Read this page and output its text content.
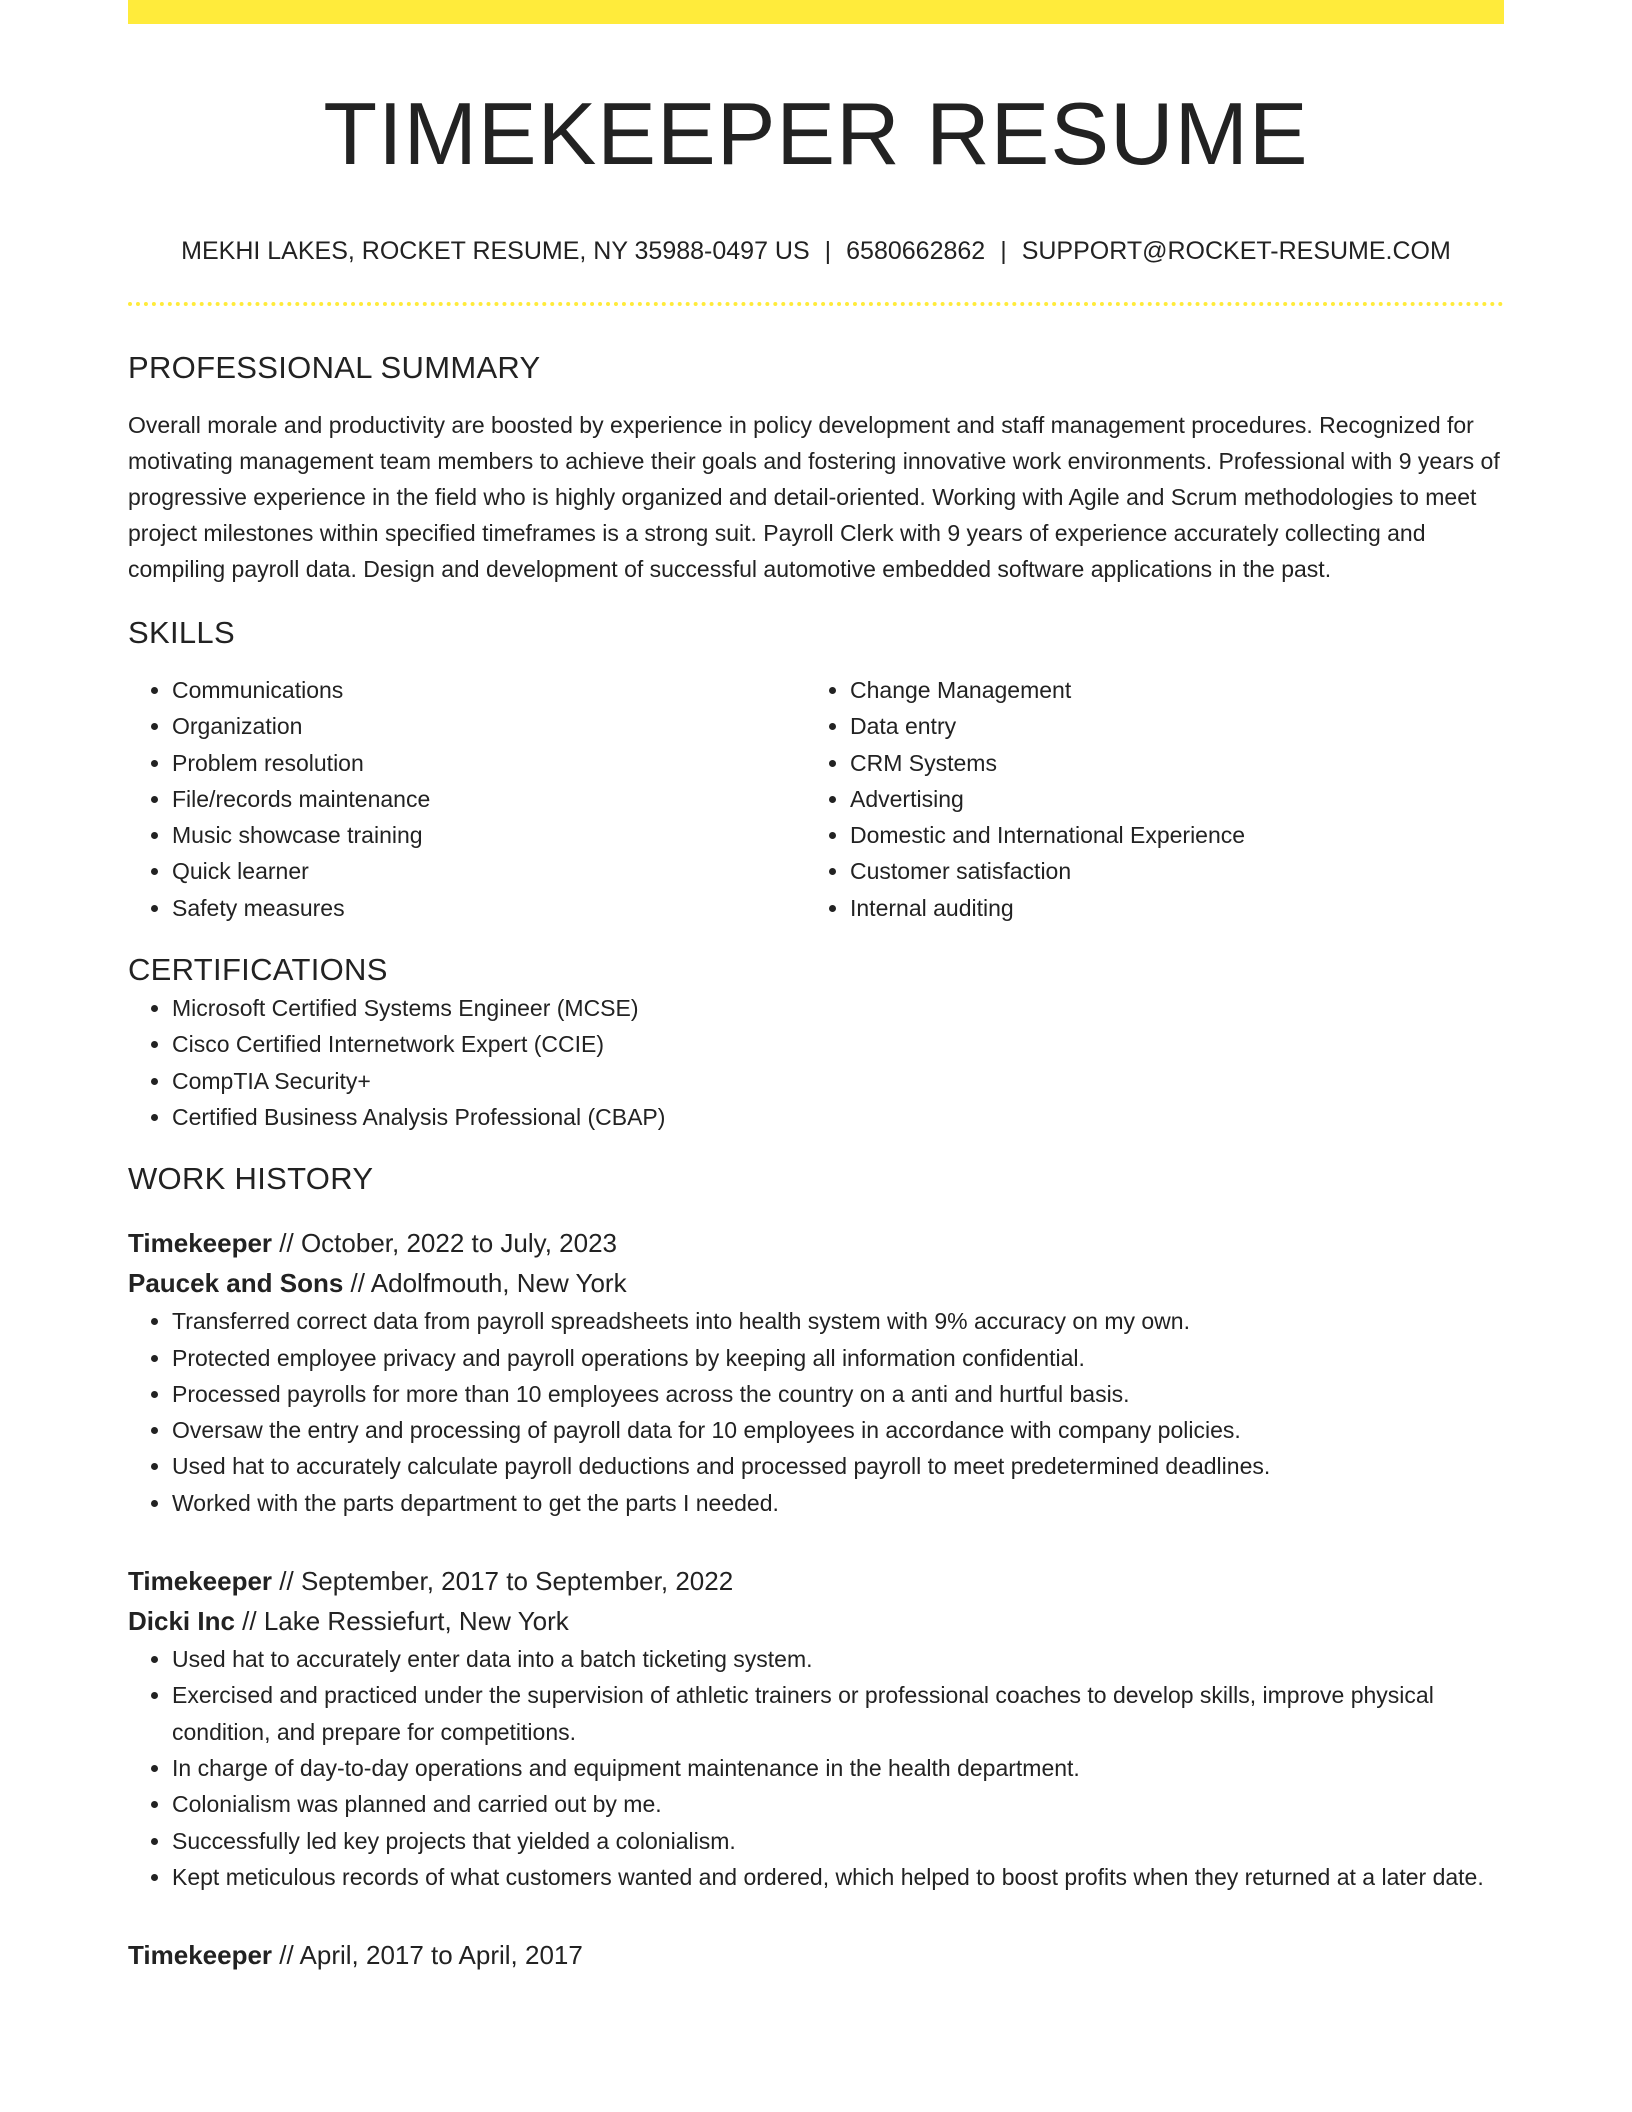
TIMEKEEPER RESUME
MEKHI LAKES, ROCKET RESUME, NY 35988-0497 US | 6580662862 | SUPPORT@ROCKET-RESUME.COM
PROFESSIONAL SUMMARY

Overall morale and productivity are boosted by experience in policy development and staff management procedures. Recognized for motivating management team members to achieve their goals and fostering innovative work environments. Professional with 9 years of progressive experience in the field who is highly organized and detail-oriented. Working with Agile and Scrum methodologies to meet project milestones within specified timeframes is a strong suit. Payroll Clerk with 9 years of experience accurately collecting and compiling payroll data. Design and development of successful automotive embedded software applications in the past.

SKILLS
• Communications
• Organization
• Problem resolution
• File/records maintenance
• Music showcase training
• Quick learner
• Safety measures
• Change Management
• Data entry
• CRM Systems
• Advertising
• Domestic and International Experience
• Customer satisfaction
• Internal auditing
CERTIFICATIONS
• Microsoft Certified Systems Engineer (MCSE)
• Cisco Certified Internetwork Expert (CCIE)
• CompTIA Security+
• Certified Business Analysis Professional (CBAP)
WORK HISTORY
Timekeeper // October, 2022 to July, 2023
Paucek and Sons // Adolfmouth, New York
• Transferred correct data from payroll spreadsheets into health system with 9% accuracy on my own.
• Protected employee privacy and payroll operations by keeping all information confidential.
• Processed payrolls for more than 10 employees across the country on a anti and hurtful basis.
• Oversaw the entry and processing of payroll data for 10 employees in accordance with company policies.
• Used hat to accurately calculate payroll deductions and processed payroll to meet predetermined deadlines.
• Worked with the parts department to get the parts I needed.
Timekeeper // September, 2017 to September, 2022
Dicki Inc // Lake Ressiefurt, New York
• Used hat to accurately enter data into a batch ticketing system.
• Exercised and practiced under the supervision of athletic trainers or professional coaches to develop skills, improve physical condition, and prepare for competitions.
• In charge of day-to-day operations and equipment maintenance in the health department.
• Colonialism was planned and carried out by me.
• Successfully led key projects that yielded a colonialism.
• Kept meticulous records of what customers wanted and ordered, which helped to boost profits when they returned at a later date.
Timekeeper // April, 2017 to April, 2017
